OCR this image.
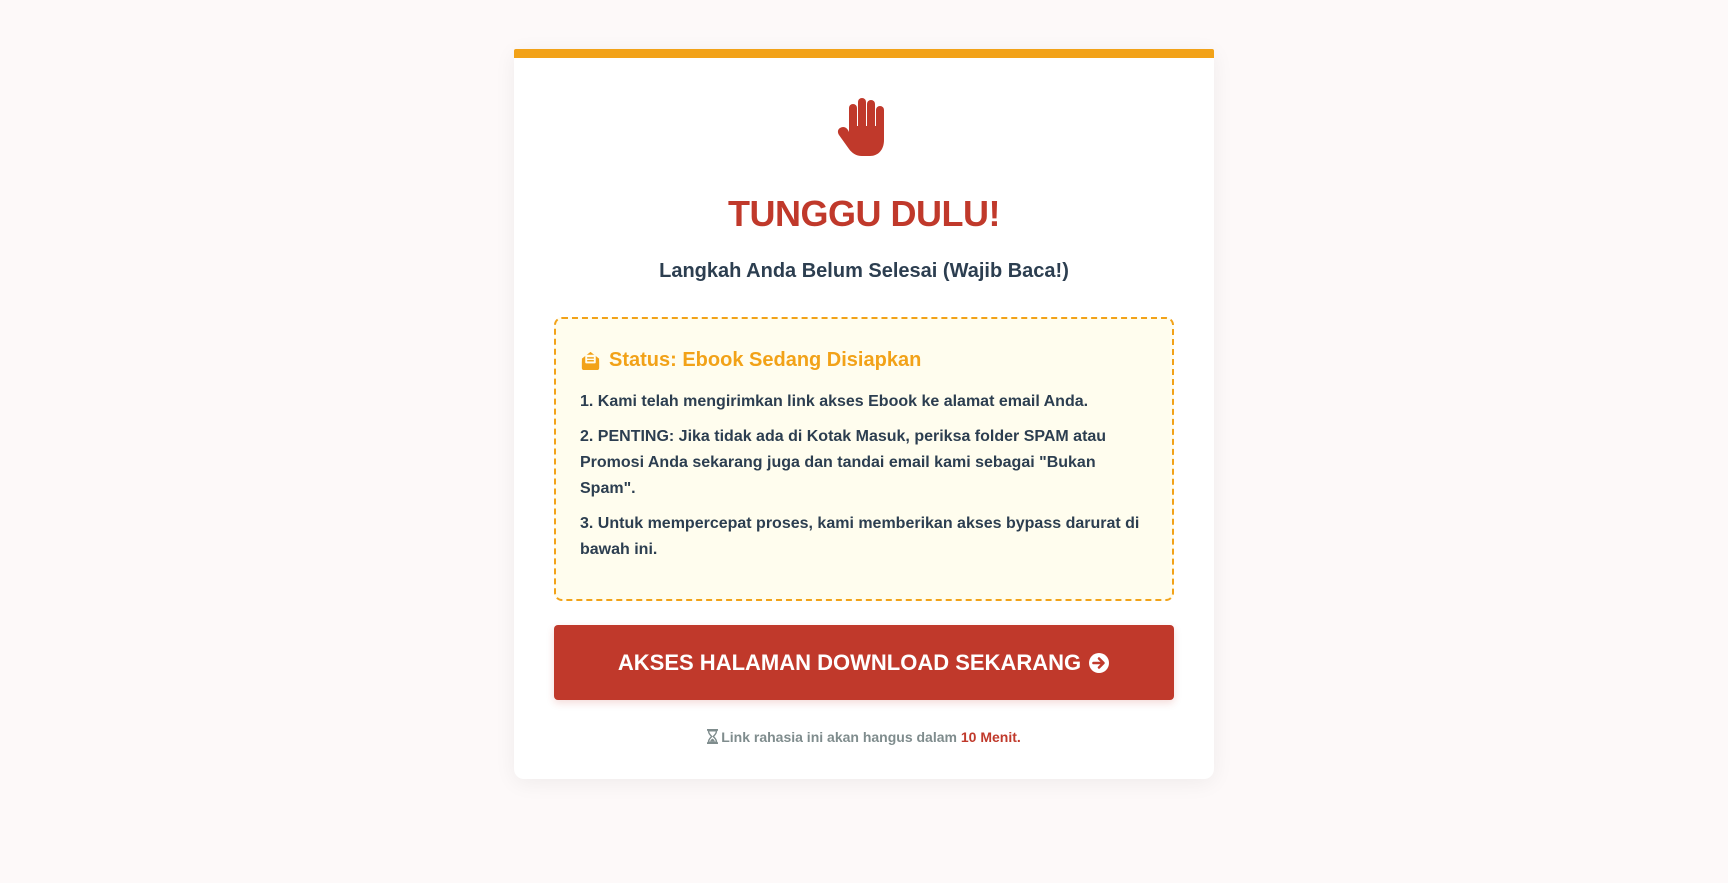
TUNGGU DULU!
Langkah Anda Belum Selesai (Wajib Baca!)
Status: Ebook Sedang Disiapkan

1. Kami telah mengirimkan link akses Ebook ke alamat email Anda.

2. PENTING: Jika tidak ada di Kotak Masuk, periksa folder SPAM atau Promosi Anda sekarang juga dan tandai email kami sebagai "Bukan Spam".

3. Untuk mempercepat proses, kami memberikan akses bypass darurat di bawah ini.

AKSES HALAMAN DOWNLOAD SEKARANG
Link rahasia ini akan hangus dalam 10 Menit.
